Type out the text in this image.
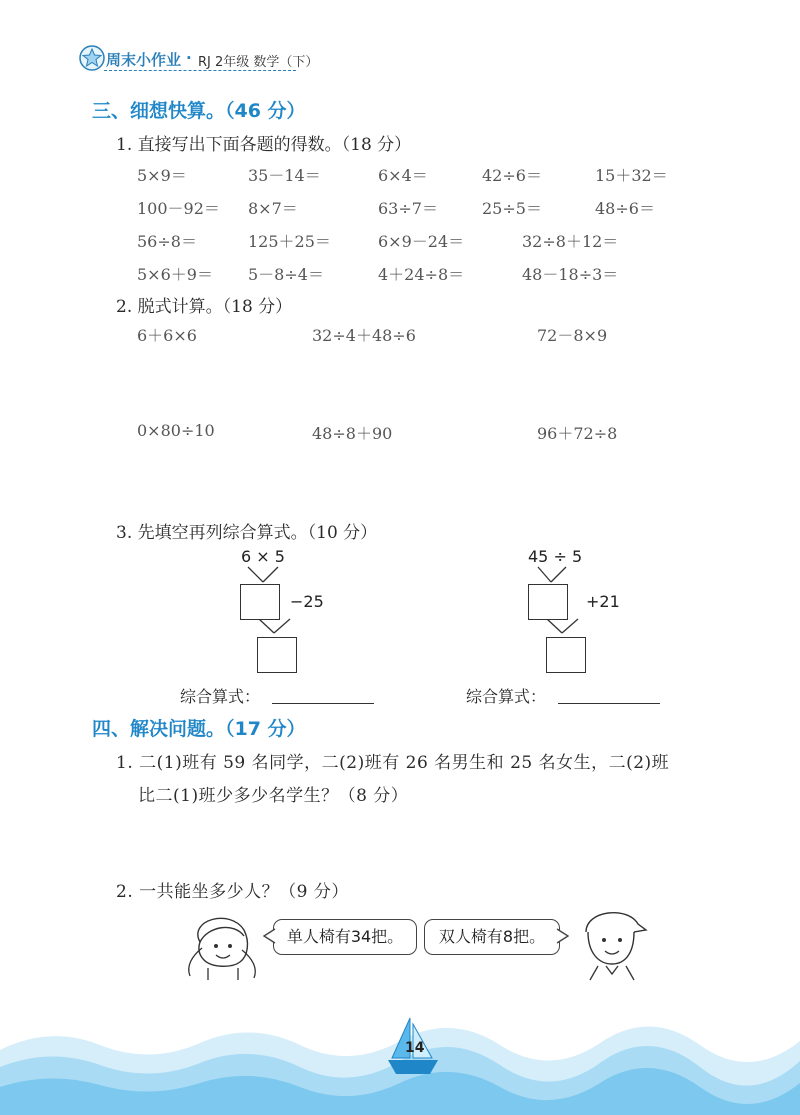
周末小作业 · RJ 2年级 数学（下）
三、细想快算。（46 分）
1. 直接写出下面各题的得数。（18 分）
5×9＝	35－14＝	6×4＝	42÷6＝	15＋32＝
100－92＝ 8×7＝	63÷7＝	25÷5＝	48÷6＝
56÷8＝	125＋25＝	6×9－24＝	32÷8＋12＝
5×6＋9＝ 5－8÷4＝	4＋24÷8＝	48－18÷3＝
2. 脱式计算。（18 分）
6＋6×6	32÷4＋48÷6	72－8×9
0×80÷10	48÷8＋90	96＋72÷8
3. 先填空再列综合算式。（10 分）
6 × 5
−25
综合算式：
45 ÷ 5
+21
综合算式：
四、解决问题。（17 分）
1. 二(1)班有 59 名同学，二(2)班有 26 名男生和 25 名女生，二(2)班
比二(1)班少多少名学生？（8 分）
2. 一共能坐多少人？（9 分）
单人椅有34把。	双人椅有8把。
14
